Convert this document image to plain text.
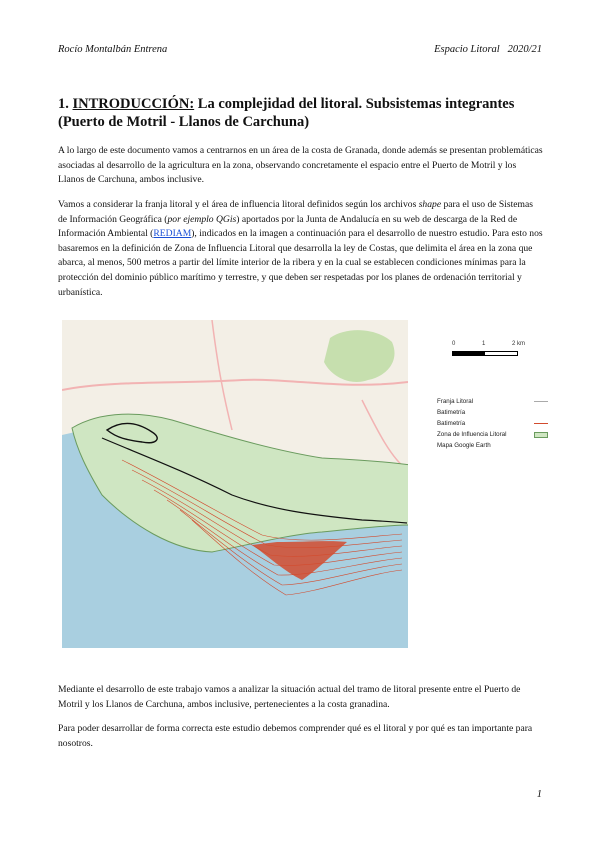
Rocío Montalbán Entrena	Espacio Litoral 2020/21
1. INTRODUCCIÓN: La complejidad del litoral. Subsistemas integrantes
(Puerto de Motril - Llanos de Carchuna)

A lo largo de este documento vamos a centrarnos en un área de la costa de Granada, donde además se presentan problemáticas asociadas al desarrollo de la agricultura en la zona, observando concretamente el espacio entre el Puerto de Motril y los Llanos de Carchuna, ambos inclusive.

Vamos a considerar la franja litoral y el área de influencia litoral definidos según los archivos shape para el uso de Sistemas de Información Geográfica (por ejemplo QGis) aportados por la Junta de Andalucía en su web de descarga de la Red de Información Ambiental (REDIAM), indicados en la imagen a continuación para el desarrollo de nuestro estudio. Para esto nos basaremos en la definición de Zona de Influencia Litoral que desarrolla la ley de Costas, que delimita el área en la zona que abarca, al menos, 500 metros a partir del límite interior de la ribera y en la cual se establecen condiciones mínimas para la protección del dominio público marítimo y terrestre, y que deben ser respetadas por los planes de ordenación territorial y urbanística.

0	1	2 km
Franja Litoral
Batimetría
Batimetría
Zona de Influencia Litoral
Mapa Google Earth

Mediante el desarrollo de este trabajo vamos a analizar la situación actual del tramo de litoral presente entre el Puerto de Motril y los Llanos de Carchuna, ambos inclusive, pertenecientes a la costa granadina.

Para poder desarrollar de forma correcta este estudio debemos comprender qué es el litoral y por qué es tan importante para nosotros.

1
